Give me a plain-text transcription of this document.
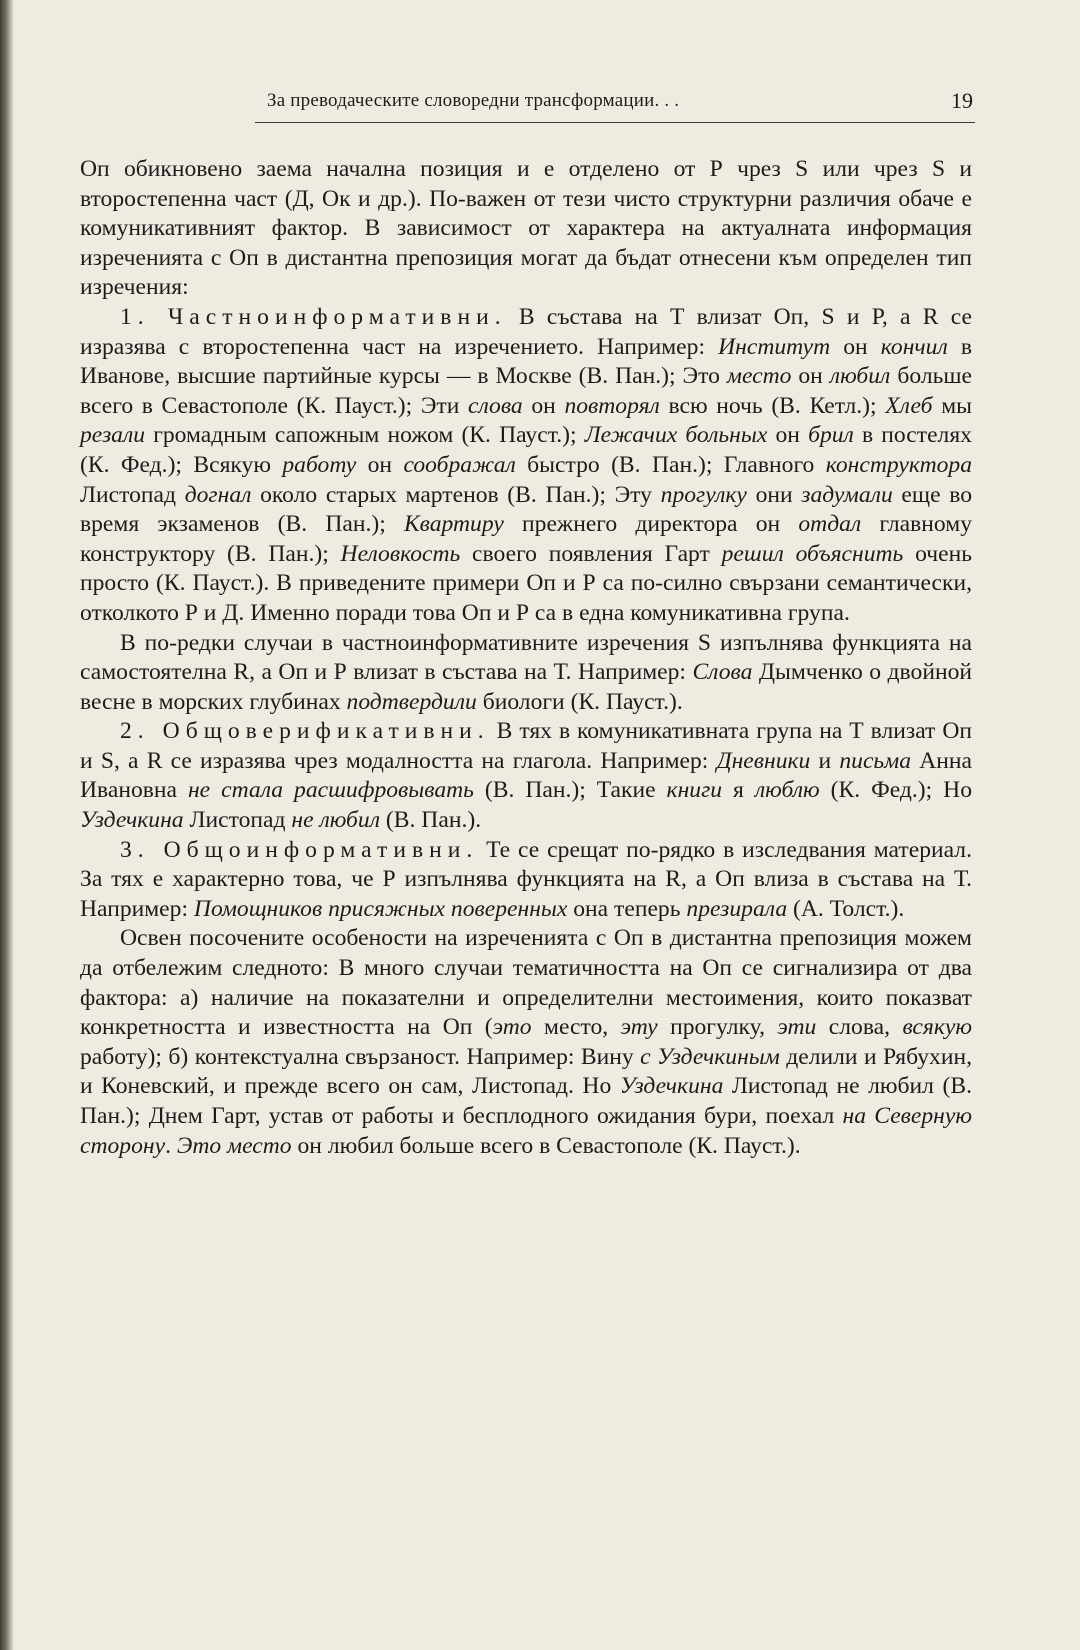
За преводаческите словоредни трансформации. . .	19

Оп обикновено заема начална позиция и е отделено от Р чрез S или чрез S и второстепенна част (Д, Ок и др.). По-важен от тези чисто структурни различия обаче е комуникативният фактор. В зависимост от характера на актуалната информация изреченията с Оп в дистантна препозиция могат да бъдат отнесени към определен тип изречения:

1. Частноинформативни. В състава на Т влизат Оп, S и Р, а R се изразява с второстепенна част на изречението. Например: Институт он кончил в Иванове, высшие партийные курсы — в Москве (В. Пан.); Это место он любил больше всего в Севастополе (К. Пауст.); Эти слова он повторял всю ночь (В. Кетл.); Хлеб мы резали громадным сапожным ножом (К. Пауст.); Лежачих больных он брил в постелях (К. Фед.); Всякую работу он соображал быстро (В. Пан.); Главного конструктора Листопад догнал около старых мартенов (В. Пан.); Эту прогулку они задумали еще во время экзаменов (В. Пан.); Квартиру прежнего директора он отдал главному конструктору (В. Пан.); Неловкость своего появления Гарт решил объяснить очень просто (К. Пауст.). В приведените примери Оп и Р са по-силно свързани семантически, отколкото Р и Д. Именно поради това Оп и Р са в една комуникативна група.

В по-редки случаи в частноинформативните изречения S изпълнява функцията на самостоятелна R, а Оп и Р влизат в състава на Т. Например: Слова Дымченко о двойной весне в морских глубинах подтвердили биологи (К. Пауст.).

2. Общоверификативни. В тях в комуникативната група на Т влизат Оп и S, а R се изразява чрез модалността на глагола. Например: Дневники и письма Анна Ивановна не стала расшифровывать (В. Пан.); Такие книги я люблю (К. Фед.); Но Уздечкина Листопад не любил (В. Пан.).

3. Общоинформативни. Те се срещат по-рядко в изследвания материал. За тях е характерно това, че Р изпълнява функцията на R, а Оп влиза в състава на Т. Например: Помощников присяжных поверенных она теперь презирала (А. Толст.).

Освен посочените особености на изреченията с Оп в дистантна препозиция можем да отбележим следното: В много случаи тематичността на Оп се сигнализира от два фактора: а) наличие на показателни и определителни местоимения, които показват конкретността и известността на Оп (это место, эту прогулку, эти слова, всякую работу); б) контекстуална свързаност. Например: Вину с Уздечкиным делили и Рябухин, и Коневский, и прежде всего он сам, Листопад. Но Уздечкина Листопад не любил (В. Пан.); Днем Гарт, устав от работы и бесплодного ожидания бури, поехал на Северную сторону. Это место он любил больше всего в Севастополе (К. Пауст.).
